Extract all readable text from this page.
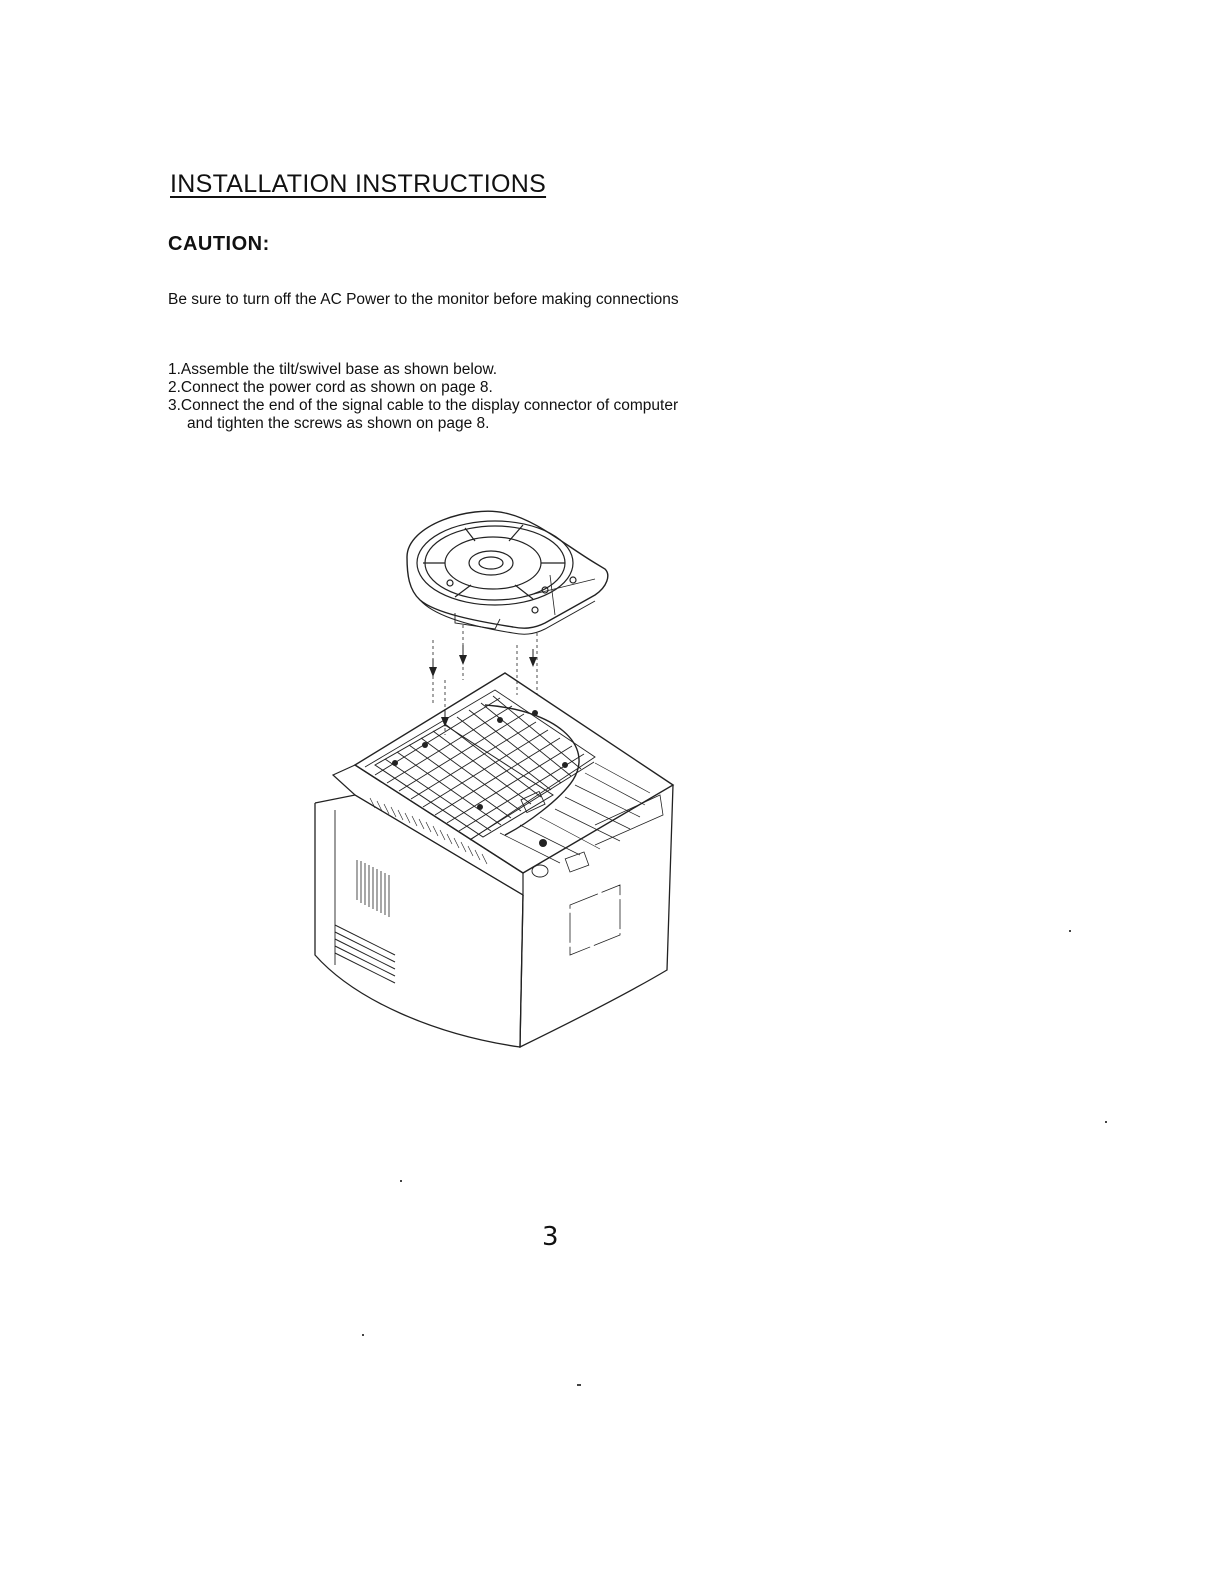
INSTALLATION INSTRUCTIONS
CAUTION:

Be sure to turn off the AC Power to the monitor before making connections

1.Assemble the tilt/swivel base as shown below.
2.Connect the power cord as shown on page 8.
3.Connect the end of the signal cable to the display connector of computer
and tighten the screws as shown on page 8.
3
